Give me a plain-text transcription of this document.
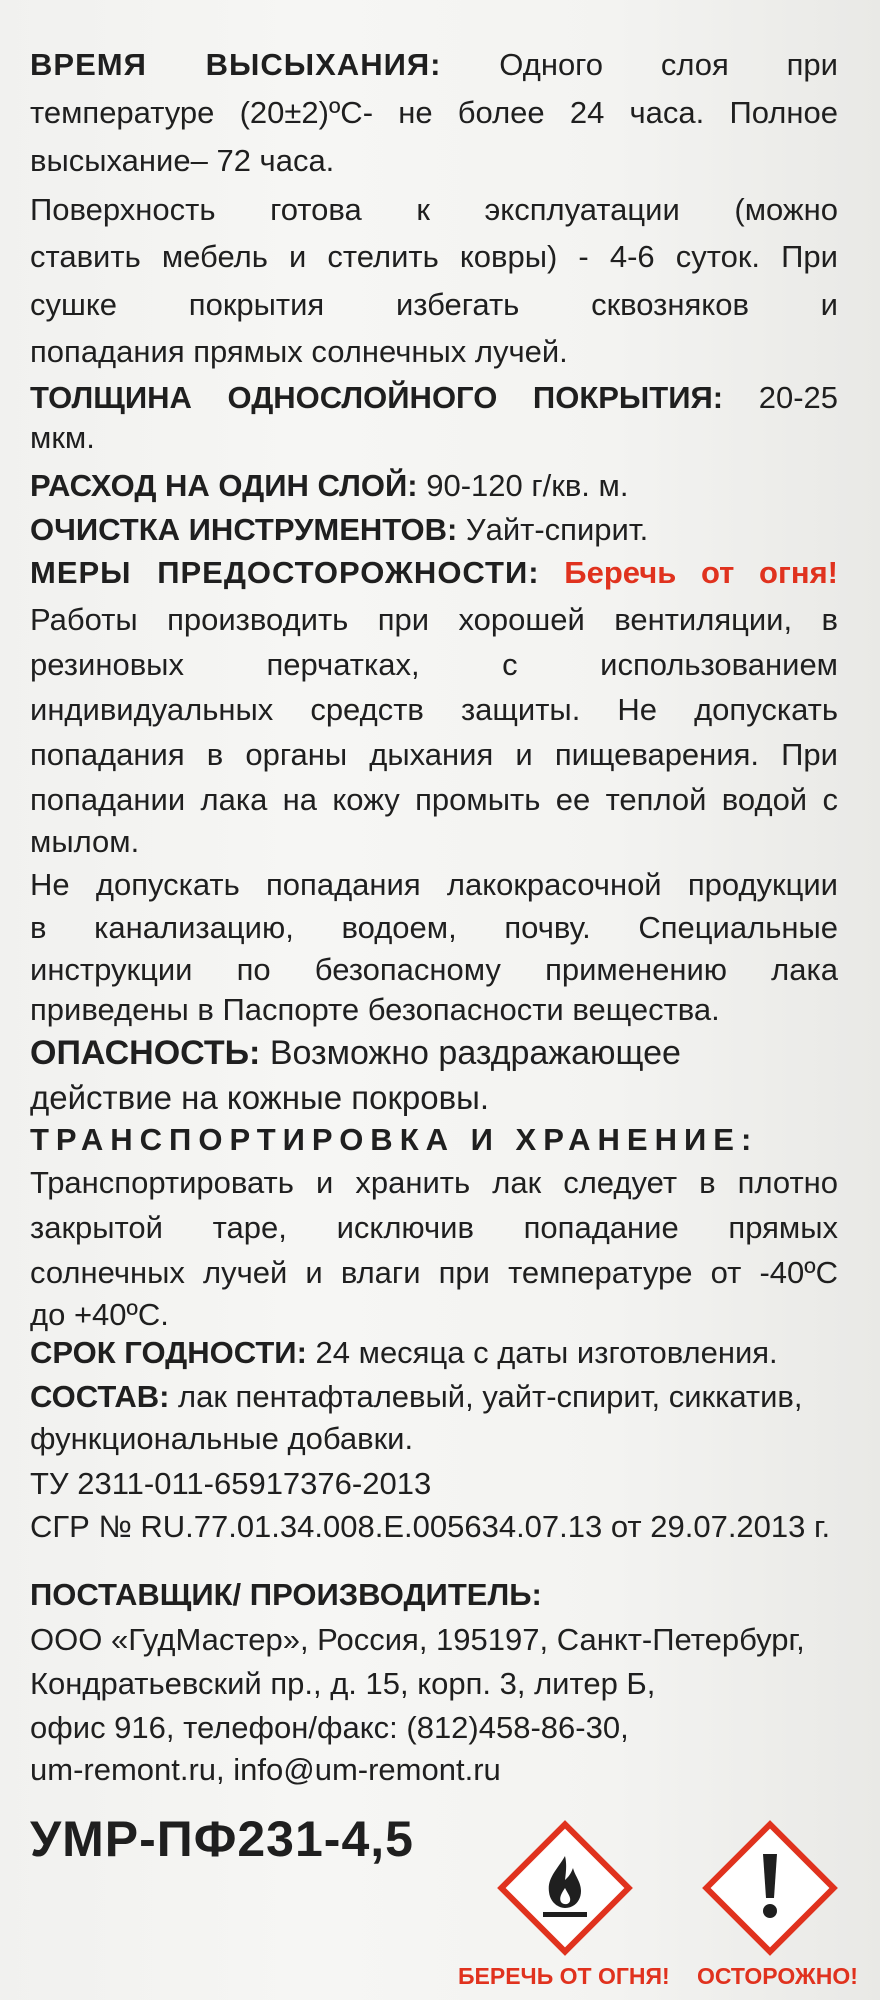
ВРЕМЯ ВЫСЫХАНИЯ: Одного слоя при
температуре (20±2)ºС- не более 24 часа. Полное
высыхание– 72 часа.
Поверхность готова к эксплуатации (можно
ставить мебель и стелить ковры) - 4-6 суток. При
сушке покрытия избегать сквозняков и
попадания прямых солнечных лучей.
ТОЛЩИНА ОДНОСЛОЙНОГО ПОКРЫТИЯ: 20-25
мкм.
РАСХОД НА ОДИН СЛОЙ: 90-120 г/кв. м.
ОЧИСТКА ИНСТРУМЕНТОВ: Уайт-спирит.
МЕРЫ ПРЕДОСТОРОЖНОСТИ: Беречь от огня!
Работы производить при хорошей вентиляции, в
резиновых перчатках, с использованием
индивидуальных средств защиты. Не допускать
попадания в органы дыхания и пищеварения. При
попадании лака на кожу промыть ее теплой водой с
мылом.
Не допускать попадания лакокрасочной продукции
в канализацию, водоем, почву. Специальные
инструкции по безопасному применению лака
приведены в Паспорте безопасности вещества.
ОПАСНОСТЬ: Возможно раздражающее
действие на кожные покровы.
ТРАНСПОРТИРОВКА И ХРАНЕНИЕ:
Транспортировать и хранить лак следует в плотно
закрытой таре, исключив попадание прямых
солнечных лучей и влаги при температуре от -40ºС
до +40ºС.
СРОК ГОДНОСТИ: 24 месяца с даты изготовления.
СОСТАВ: лак пентафталевый, уайт-спирит, сиккатив,
функциональные добавки.
ТУ 2311-011-65917376-2013
СГР № RU.77.01.34.008.Е.005634.07.13 от 29.07.2013 г.
ПОСТАВЩИК/ ПРОИЗВОДИТЕЛЬ:
ООО «ГудМастер», Россия, 195197, Санкт-Петербург,
Кондратьевский пр., д. 15, корп. 3, литер Б,
офис 916, телефон/факс: (812)458-86-30,
um-remont.ru, info@um-remont.ru
УМР-ПФ231-4,5
БЕРЕЧЬ ОТ ОГНЯ! ОСТОРОЖНО!
